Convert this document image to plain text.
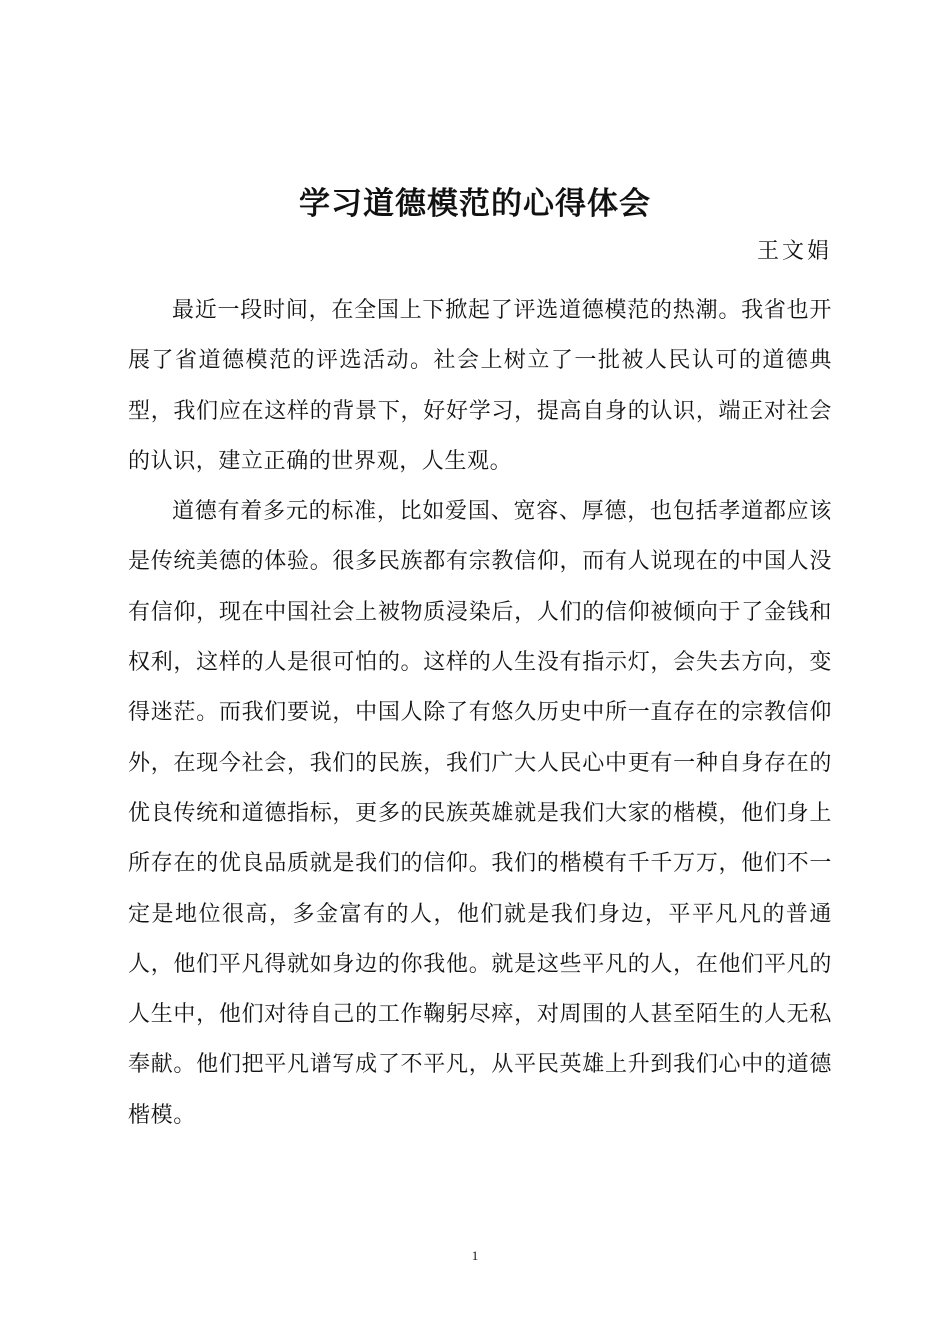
学习道德模范的心得体会
王文娟

最近一段时间，在全国上下掀起了评选道德模范的热潮。我省也开展了省道德模范的评选活动。社会上树立了一批被人民认可的道德典型，我们应在这样的背景下，好好学习，提高自身的认识，端正对社会的认识，建立正确的世界观，人生观。

道德有着多元的标准，比如爱国、宽容、厚德，也包括孝道都应该是传统美德的体验。很多民族都有宗教信仰，而有人说现在的中国人没有信仰，现在中国社会上被物质浸染后，人们的信仰被倾向于了金钱和权利，这样的人是很可怕的。这样的人生没有指示灯，会失去方向，变得迷茫。而我们要说，中国人除了有悠久历史中所一直存在的宗教信仰外，在现今社会，我们的民族，我们广大人民心中更有一种自身存在的优良传统和道德指标，更多的民族英雄就是我们大家的楷模，他们身上所存在的优良品质就是我们的信仰。我们的楷模有千千万万，他们不一定是地位很高，多金富有的人，他们就是我们身边，平平凡凡的普通人，他们平凡得就如身边的你我他。就是这些平凡的人，在他们平凡的人生中，他们对待自己的工作鞠躬尽瘁，对周围的人甚至陌生的人无私奉献。他们把平凡谱写成了不平凡，从平民英雄上升到我们心中的道德楷模。

1
